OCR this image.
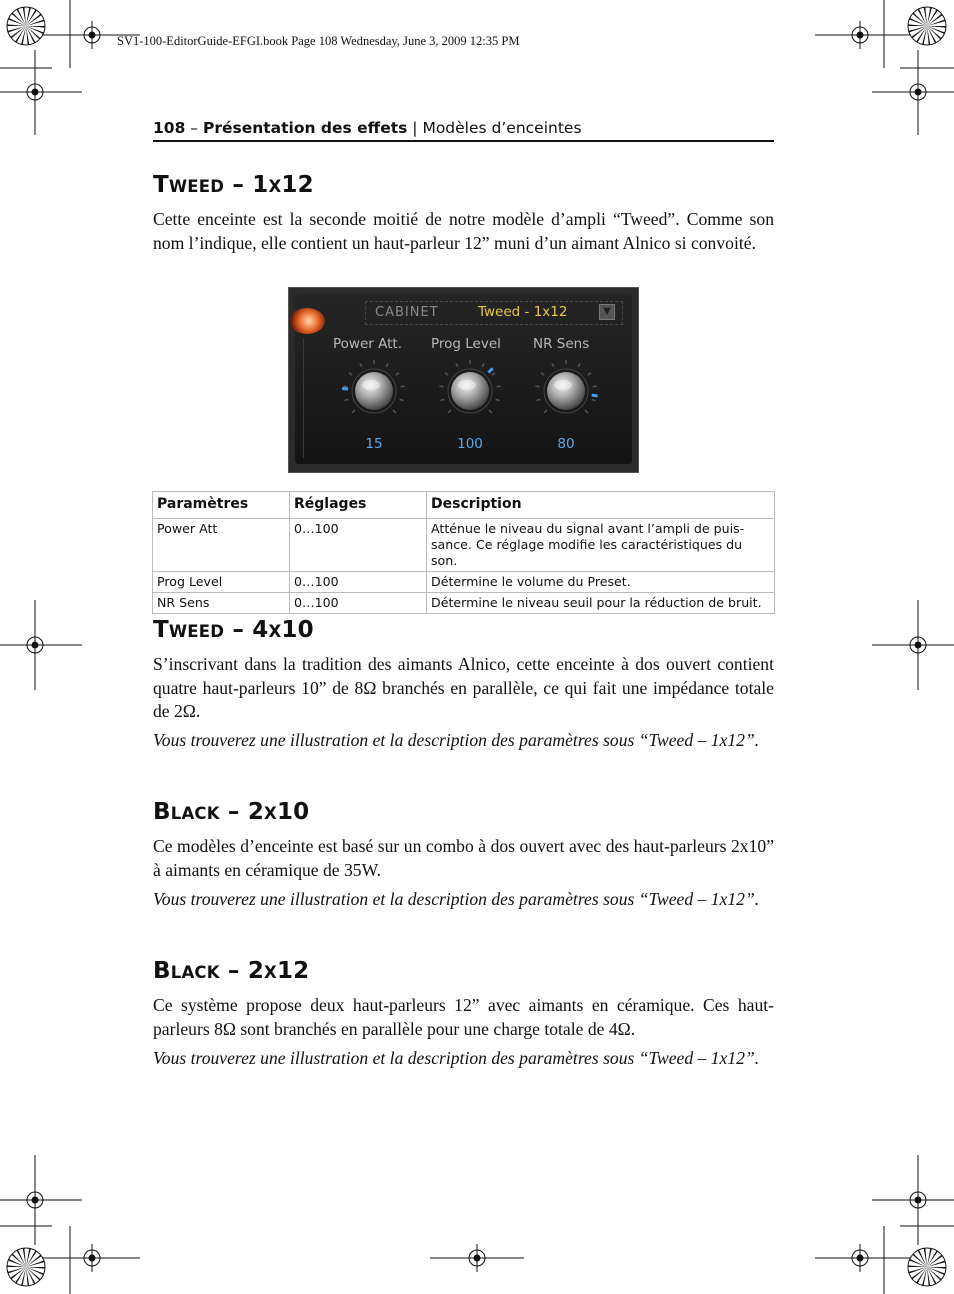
SV1-100-EditorGuide-EFGI.book Page 108 Wednesday, June 3, 2009 12:35 PM
108 – Présentation des effets | Modèles d’enceintes
TWEED – 1X12

Cette enceinte est la seconde moitié de notre modèle d’ampli “Tweed”. Comme son nom l’indique, elle contient un haut-parleur 12” muni d’un aimant Alnico si convoité.

CABINET	Tweed - 1x12	▼
Power Att. Prog Level NR Sens
15	100	80
Paramètres	Réglages	Description
Power Att	0…100	Atténue le niveau du signal avant l’ampli de puis-
sance. Ce réglage modifie les caractéristiques du son.
Prog Level	0…100	Détermine le volume du Preset.
NR Sens	0…100	Détermine le niveau seuil pour la réduction de bruit.
TWEED – 4X10

S’inscrivant dans la tradition des aimants Alnico, cette enceinte à dos ouvert contient quatre haut-parleurs 10” de 8Ω branchés en parallèle, ce qui fait une impédance totale de 2Ω.

Vous trouverez une illustration et la description des paramètres sous “Tweed – 1x12”.

BLACK – 2X10

Ce modèles d’enceinte est basé sur un combo à dos ouvert avec des haut-parleurs 2x10” à aimants en céramique de 35W.

Vous trouverez une illustration et la description des paramètres sous “Tweed – 1x12”.

BLACK – 2X12

Ce système propose deux haut-parleurs 12” avec aimants en céramique. Ces haut-parleurs 8Ω sont branchés en parallèle pour une charge totale de 4Ω.

Vous trouverez une illustration et la description des paramètres sous “Tweed – 1x12”.
